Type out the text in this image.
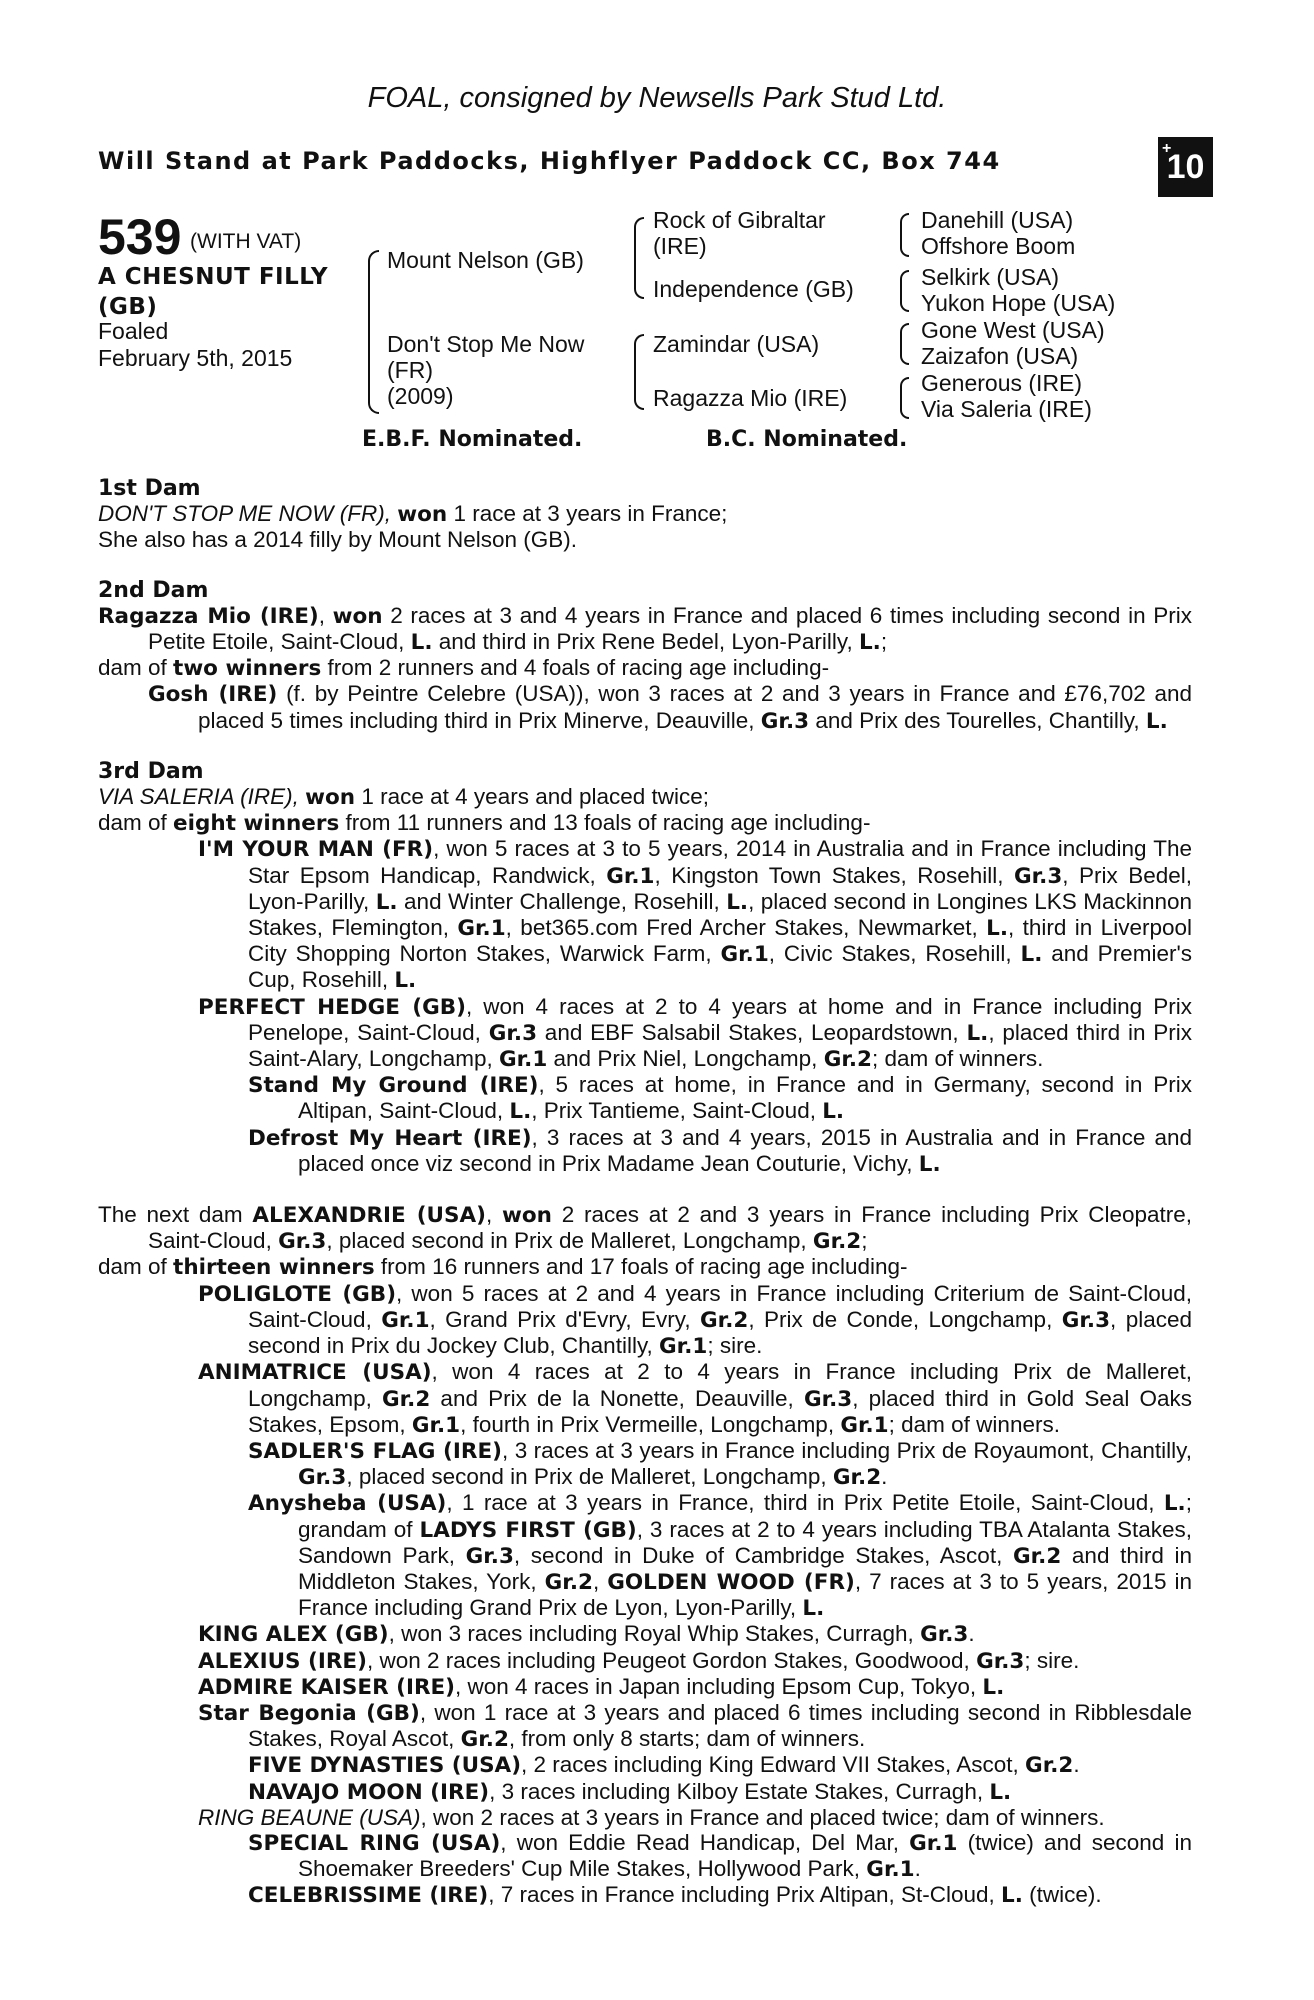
FOAL, consigned by Newsells Park Stud Ltd.
Will Stand at Park Paddocks, Highflyer Paddock CC, Box 744	+
10
539 (WITH VAT)
A CHESNUT FILLY
(GB)
Foaled
February 5th, 2015
Mount Nelson (GB)
Don't Stop Me Now
(FR)
(2009)
Rock of Gibraltar
(IRE)
Independence (GB)
Zamindar (USA)
Ragazza Mio (IRE)
Danehill (USA)
Offshore Boom
Selkirk (USA)
Yukon Hope (USA)
Gone West (USA)
Zaizafon (USA)
Generous (IRE)
Via Saleria (IRE)
E.B.F. Nominated.	B.C. Nominated.

1st Dam

DON'T STOP ME NOW (FR), won 1 race at 3 years in France;

She also has a 2014 filly by Mount Nelson (GB).

2nd Dam

Ragazza Mio (IRE), won 2 races at 3 and 4 years in France and placed 6 times including second in Prix Petite Etoile, Saint-Cloud, L. and third in Prix Rene Bedel, Lyon-Parilly, L.;

dam of two winners from 2 runners and 4 foals of racing age including-

Gosh (IRE) (f. by Peintre Celebre (USA)), won 3 races at 2 and 3 years in France and £76,702 and placed 5 times including third in Prix Minerve, Deauville, Gr.3 and Prix des Tourelles, Chantilly, L.

3rd Dam

VIA SALERIA (IRE), won 1 race at 4 years and placed twice;

dam of eight winners from 11 runners and 13 foals of racing age including-

I'M YOUR MAN (FR), won 5 races at 3 to 5 years, 2014 in Australia and in France including The Star Epsom Handicap, Randwick, Gr.1, Kingston Town Stakes, Rosehill, Gr.3, Prix Bedel, Lyon-Parilly, L. and Winter Challenge, Rosehill, L., placed second in Longines LKS Mackinnon Stakes, Flemington, Gr.1, bet365.com Fred Archer Stakes, Newmarket, L., third in Liverpool City Shopping Norton Stakes, Warwick Farm, Gr.1, Civic Stakes, Rosehill, L. and Premier's Cup, Rosehill, L.

PERFECT HEDGE (GB), won 4 races at 2 to 4 years at home and in France including Prix Penelope, Saint-Cloud, Gr.3 and EBF Salsabil Stakes, Leopardstown, L., placed third in Prix Saint-Alary, Longchamp, Gr.1 and Prix Niel, Longchamp, Gr.2; dam of winners.

Stand My Ground (IRE), 5 races at home, in France and in Germany, second in Prix Altipan, Saint-Cloud, L., Prix Tantieme, Saint-Cloud, L.

Defrost My Heart (IRE), 3 races at 3 and 4 years, 2015 in Australia and in France and placed once viz second in Prix Madame Jean Couturie, Vichy, L.

The next dam ALEXANDRIE (USA), won 2 races at 2 and 3 years in France including Prix Cleopatre, Saint-Cloud, Gr.3, placed second in Prix de Malleret, Longchamp, Gr.2;

dam of thirteen winners from 16 runners and 17 foals of racing age including-

POLIGLOTE (GB), won 5 races at 2 and 4 years in France including Criterium de Saint-Cloud, Saint-Cloud, Gr.1, Grand Prix d'Evry, Evry, Gr.2, Prix de Conde, Longchamp, Gr.3, placed second in Prix du Jockey Club, Chantilly, Gr.1; sire.

ANIMATRICE (USA), won 4 races at 2 to 4 years in France including Prix de Malleret, Longchamp, Gr.2 and Prix de la Nonette, Deauville, Gr.3, placed third in Gold Seal Oaks Stakes, Epsom, Gr.1, fourth in Prix Vermeille, Longchamp, Gr.1; dam of winners.

SADLER'S FLAG (IRE), 3 races at 3 years in France including Prix de Royaumont, Chantilly, Gr.3, placed second in Prix de Malleret, Longchamp, Gr.2.

Anysheba (USA), 1 race at 3 years in France, third in Prix Petite Etoile, Saint-Cloud, L.; grandam of LADYS FIRST (GB), 3 races at 2 to 4 years including TBA Atalanta Stakes, Sandown Park, Gr.3, second in Duke of Cambridge Stakes, Ascot, Gr.2 and third in Middleton Stakes, York, Gr.2, GOLDEN WOOD (FR), 7 races at 3 to 5 years, 2015 in France including Grand Prix de Lyon, Lyon-Parilly, L.

KING ALEX (GB), won 3 races including Royal Whip Stakes, Curragh, Gr.3.

ALEXIUS (IRE), won 2 races including Peugeot Gordon Stakes, Goodwood, Gr.3; sire.

ADMIRE KAISER (IRE), won 4 races in Japan including Epsom Cup, Tokyo, L.

Star Begonia (GB), won 1 race at 3 years and placed 6 times including second in Ribblesdale Stakes, Royal Ascot, Gr.2, from only 8 starts; dam of winners.

FIVE DYNASTIES (USA), 2 races including King Edward VII Stakes, Ascot, Gr.2.

NAVAJO MOON (IRE), 3 races including Kilboy Estate Stakes, Curragh, L.

RING BEAUNE (USA), won 2 races at 3 years in France and placed twice; dam of winners.

SPECIAL RING (USA), won Eddie Read Handicap, Del Mar, Gr.1 (twice) and second in Shoemaker Breeders' Cup Mile Stakes, Hollywood Park, Gr.1.

CELEBRISSIME (IRE), 7 races in France including Prix Altipan, St-Cloud, L. (twice).
